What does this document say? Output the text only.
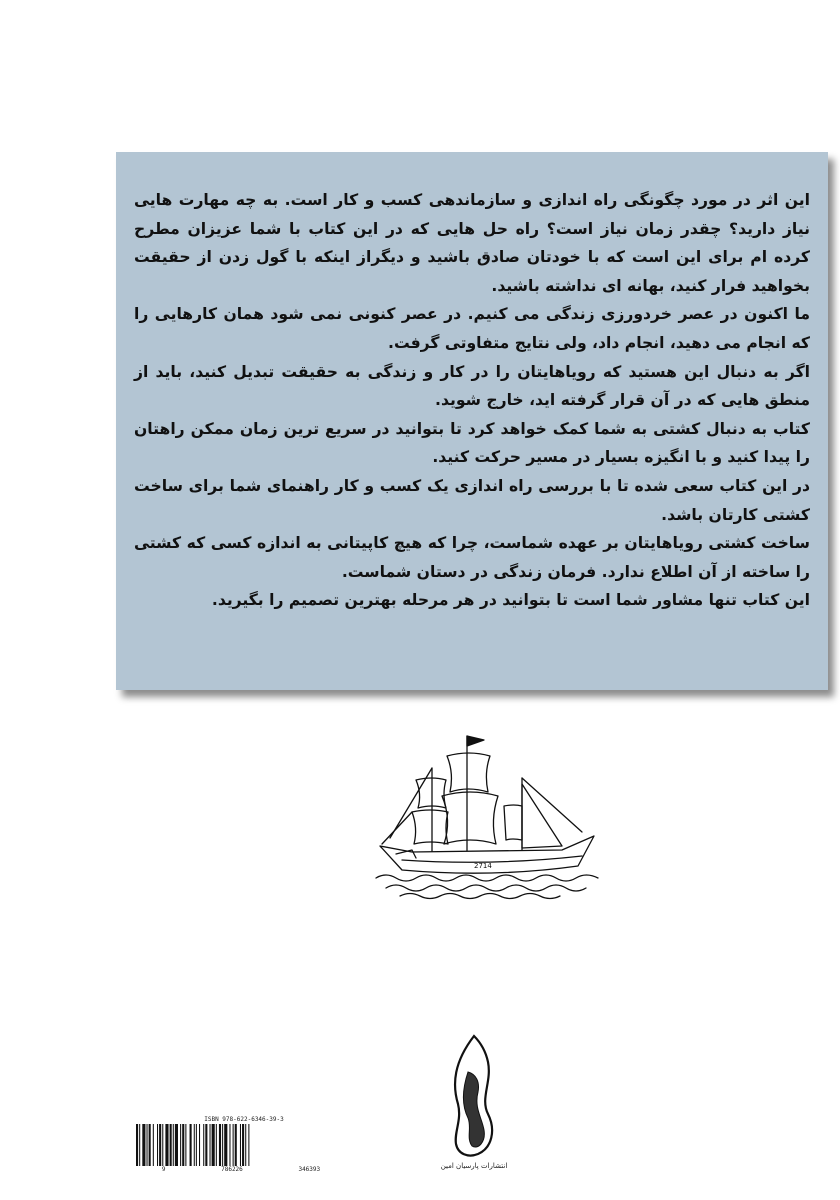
این اثر در مورد چگونگی راه اندازی و سازماندهی کسب و کار است. به چه مهارت هایی نیاز دارید؟ چقدر زمان نیاز است؟ راه حل هایی که در این کتاب با شما عزیزان مطرح کرده ام برای این است که با خودتان صادق باشید و دیگراز اینکه با گول زدن از حقیقت بخواهید فرار کنید، بهانه ای نداشته باشید.

ما اکنون در عصر خردورزی زندگی می کنیم. در عصر کنونی نمی شود همان کارهایی را که انجام می دهید، انجام داد، ولی نتایج متفاوتی گرفت.

اگر به دنبال این هستید که رویاهایتان را در کار و زندگی به حقیقت تبدیل کنید، باید از منطق هایی که در آن قرار گرفته اید، خارج شوید.

کتاب به دنبال کشتی به شما کمک خواهد کرد تا بتوانید در سریع ترین زمان ممکن راهتان را پیدا کنید و با انگیزه بسیار در مسیر حرکت کنید.

در این کتاب سعی شده تا با بررسی راه اندازی یک کسب و کار راهنمای شما برای ساخت کشتی کارتان باشد.

ساخت کشتی رویاهایتان بر عهده شماست، چرا که هیچ کاپیتانی به اندازه کسی که کشتی را ساخته از آن اطلاع ندارد. فرمان زندگی در دستان شماست.

این کتاب تنها مشاور شما است تا بتوانید در هر مرحله بهترین تصمیم را بگیرید.

2714
انتشارات پارسیان امین
ISBN 978-622-6346-39-3
9	786226	346393
